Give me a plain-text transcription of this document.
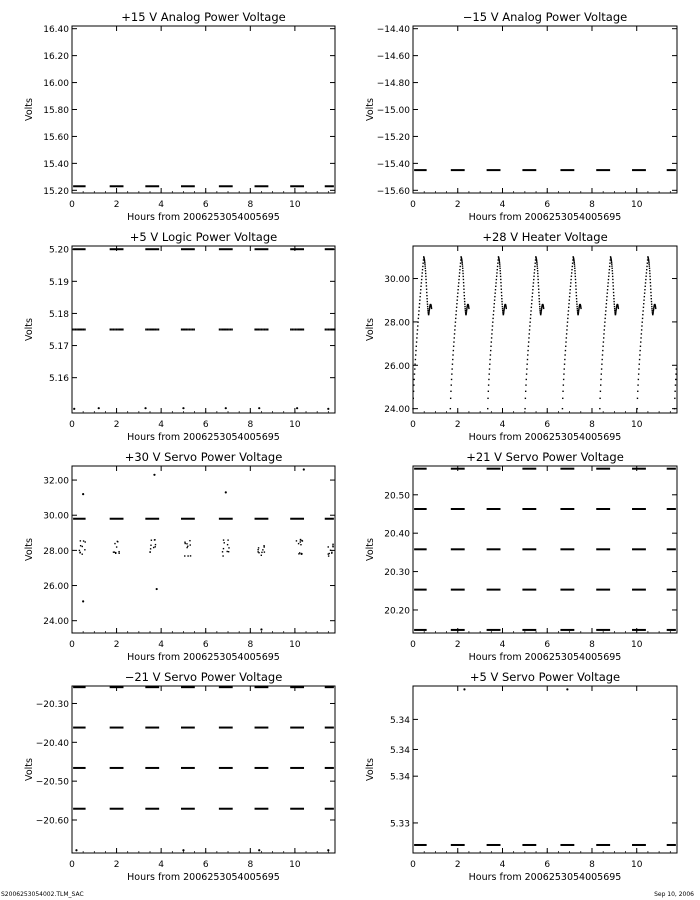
+15 V Analog Power Voltage
Hours from 2006253054005695
Volts
0	2	4	6	8	10
15.20
15.40
15.60
15.80
16.00
16.20
16.40
−15 V Analog Power Voltage
Hours from 2006253054005695
Volts
0	2	4	6	8	10
−15.60
−15.40
−15.20
−15.00
−14.80
−14.60
−14.40
+5 V Logic Power Voltage
Hours from 2006253054005695
Volts
0	2	4	6	8	10
5.16
5.17
5.18
5.19
5.20
+28 V Heater Voltage
Hours from 2006253054005695
Volts
0	2	4	6	8	10
24.00
26.00
28.00
30.00
+30 V Servo Power Voltage
Hours from 2006253054005695
Volts
0	2	4	6	8	10
24.00
26.00
28.00
30.00
32.00
+21 V Servo Power Voltage
Hours from 2006253054005695
Volts
0	2	4	6	8	10
20.20
20.30
20.40
20.50
−21 V Servo Power Voltage
Hours from 2006253054005695
Volts
0	2	4	6	8	10
−20.60
−20.50
−20.40
−20.30
+5 V Servo Power Voltage
Hours from 2006253054005695
Volts
0	2	4	6	8	10
5.33
5.34
5.34
5.34
S2006253054002.TLM_SAC	Sep 10, 2006
